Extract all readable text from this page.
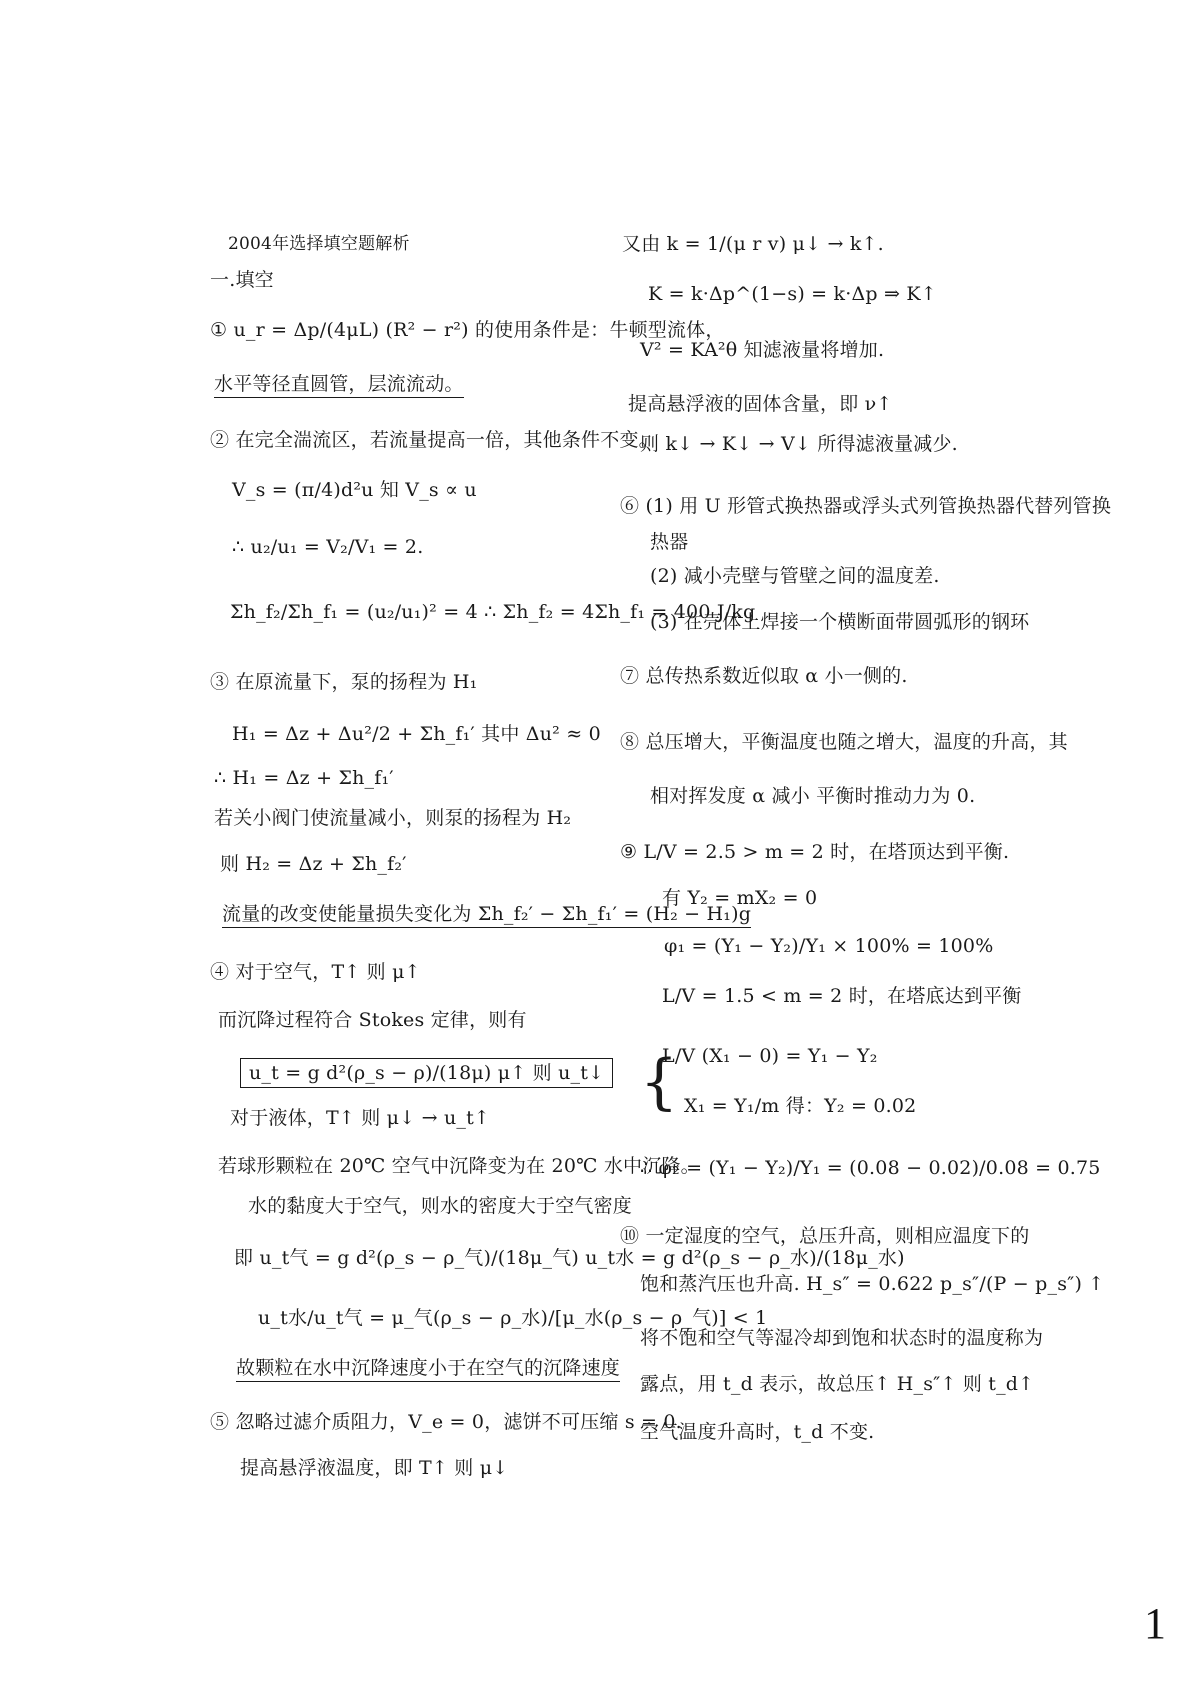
2004年选择填空题解析
一.填空
① u_r = Δp/(4μL) (R² − r²) 的使用条件是：牛顿型流体，
水平等径直圆管，层流流动。
② 在完全湍流区，若流量提高一倍，其他条件不变。
V_s = (π/4)d²u 知 V_s ∝ u
∴ u₂/u₁ = V₂/V₁ = 2.
Σh_f₂/Σh_f₁ = (u₂/u₁)² = 4 ∴ Σh_f₂ = 4Σh_f₁ = 400 J/kg
③ 在原流量下，泵的扬程为 H₁
H₁ = Δz + Δu²/2 + Σh_f₁′ 其中 Δu² ≈ 0
∴ H₁ = Δz + Σh_f₁′
若关小阀门使流量减小，则泵的扬程为 H₂
则 H₂ = Δz + Σh_f₂′
流量的改变使能量损失变化为 Σh_f₂′ − Σh_f₁′ = (H₂ − H₁)g
④ 对于空气，T↑ 则 μ↑
而沉降过程符合 Stokes 定律，则有
u_t = g d²(ρ_s − ρ)/(18μ) μ↑ 则 u_t↓
对于液体，T↑ 则 μ↓ → u_t↑
若球形颗粒在 20℃ 空气中沉降变为在 20℃ 水中沉降。
水的黏度大于空气，则水的密度大于空气密度
即 u_t气 = g d²(ρ_s − ρ_气)/(18μ_气) u_t水 = g d²(ρ_s − ρ_水)/(18μ_水)
u_t水/u_t气 = μ_气(ρ_s − ρ_水)/[μ_水(ρ_s − ρ_气)] < 1
故颗粒在水中沉降速度小于在空气的沉降速度
⑤ 忽略过滤介质阻力，V_e = 0，滤饼不可压缩 s = 0.
提高悬浮液温度，即 T↑ 则 μ↓
又由 k = 1/(μ r v) μ↓ → k↑.
K = k·Δp^(1−s) = k·Δp ⇒ K↑
V² = KA²θ 知滤液量将增加.
提高悬浮液的固体含量，即 ν↑
则 k↓ → K↓ → V↓ 所得滤液量减少.
⑥ (1) 用 U 形管式换热器或浮头式列管换热器代替列管换
热器
(2) 减小壳壁与管壁之间的温度差.
(3) 在壳体上焊接一个横断面带圆弧形的钢环
⑦ 总传热系数近似取 α 小一侧的.
⑧ 总压增大，平衡温度也随之增大，温度的升高，其
相对挥发度 α 减小 平衡时推动力为 0.
⑨ L/V = 2.5 > m = 2 时，在塔顶达到平衡.
有 Y₂ = mX₂ = 0
φ₁ = (Y₁ − Y₂)/Y₁ × 100% = 100%
L/V = 1.5 < m = 2 时，在塔底达到平衡
L/V (X₁ − 0) = Y₁ − Y₂
X₁ = Y₁/m 得：Y₂ = 0.02
∴ φ₂ = (Y₁ − Y₂)/Y₁ = (0.08 − 0.02)/0.08 = 0.75
⑩ 一定湿度的空气，总压升高，则相应温度下的
饱和蒸汽压也升高. H_s″ = 0.622 p_s″/(P − p_s″) ↑
将不饱和空气等湿冷却到饱和状态时的温度称为
露点，用 t_d 表示，故总压↑ H_s″↑ 则 t_d↑
空气温度升高时，t_d 不变.
{
1
